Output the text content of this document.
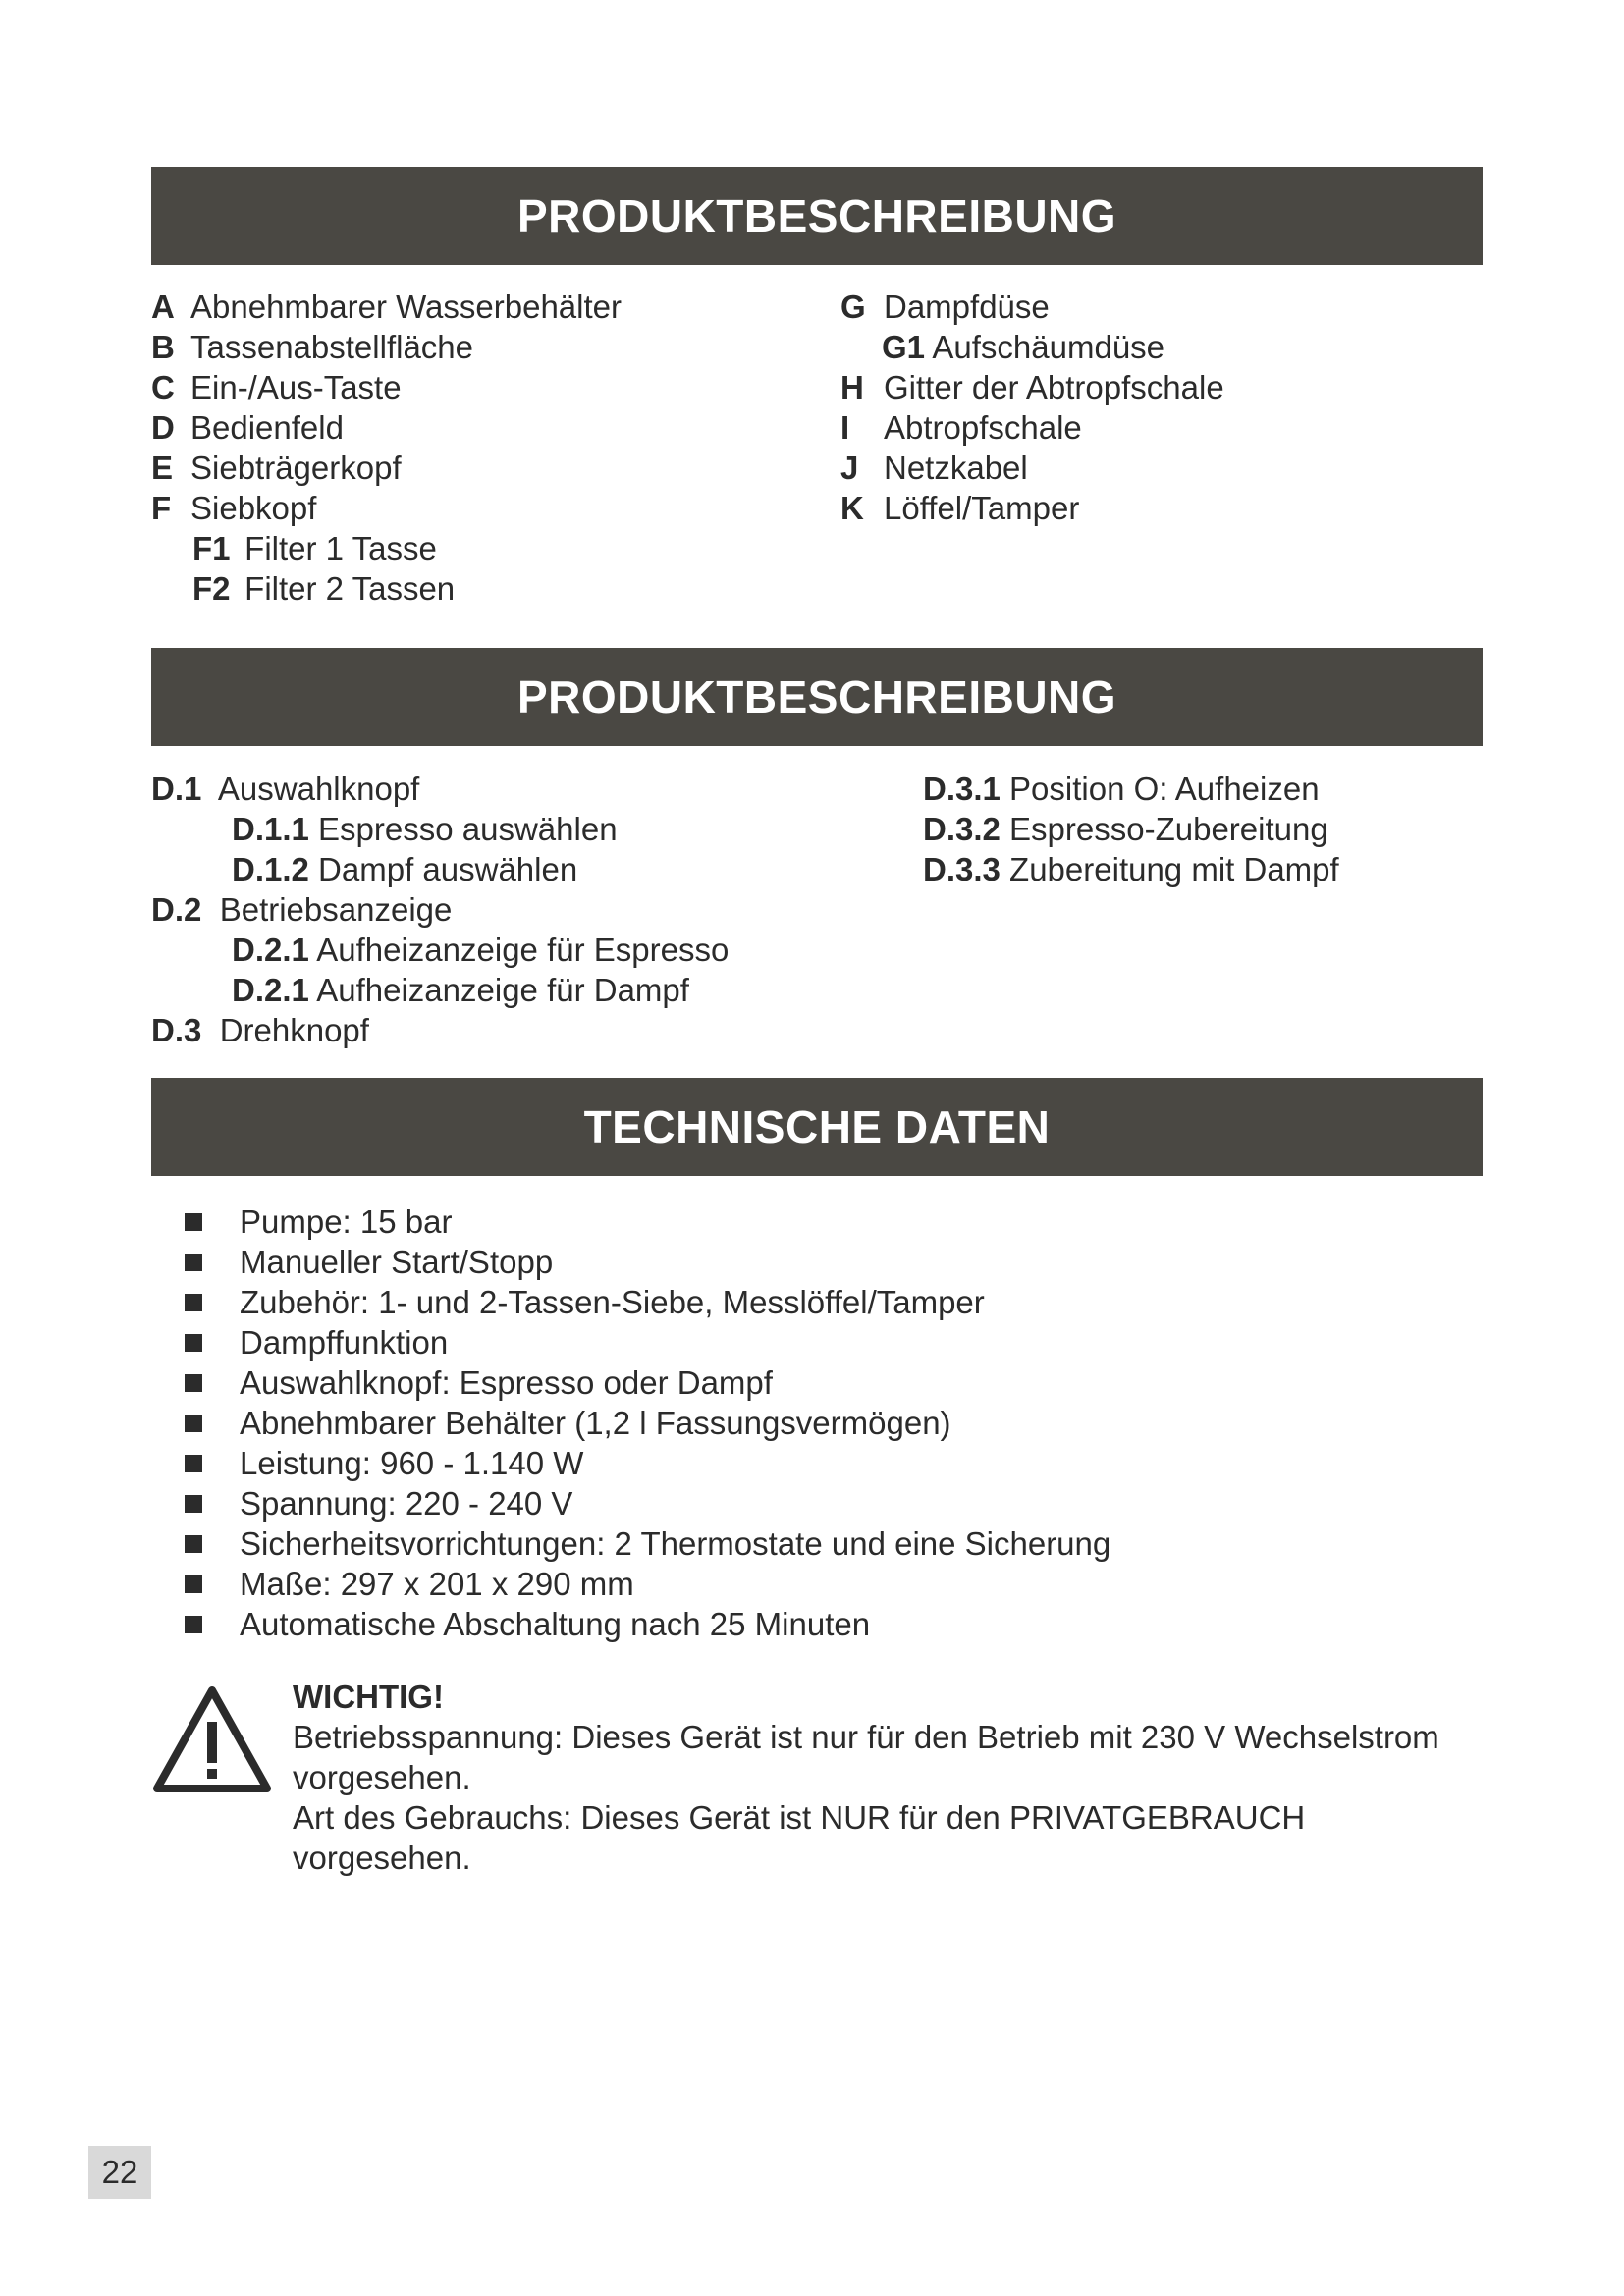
PRODUKTBESCHREIBUNG
A Abnehmbarer Wasserbehälter
B Tassenabstellfläche
C Ein-/Aus-Taste
D Bedienfeld
E Siebträgerkopf
F Siebkopf
F1 Filter 1 Tasse
F2 Filter 2 Tassen
G Dampfdüse
G1 Aufschäumdüse
H Gitter der Abtropfschale
I Abtropfschale
J Netzkabel
K Löffel/Tamper
PRODUKTBESCHREIBUNG
D.1 Auswahlknopf
D.1.1 Espresso auswählen
D.1.2 Dampf auswählen
D.2 Betriebsanzeige
D.2.1 Aufheizanzeige für Espresso
D.2.1 Aufheizanzeige für Dampf
D.3 Drehknopf
D.3.1 Position O: Aufheizen
D.3.2 Espresso-Zubereitung
D.3.3 Zubereitung mit Dampf
TECHNISCHE DATEN
Pumpe: 15 bar
Manueller Start/Stopp
Zubehör: 1- und 2-Tassen-Siebe, Messlöffel/Tamper
Dampffunktion
Auswahlknopf: Espresso oder Dampf
Abnehmbarer Behälter (1,2 l Fassungsvermögen)
Leistung: 960 - 1.140 W
Spannung: 220 - 240 V
Sicherheitsvorrichtungen: 2 Thermostate und eine Sicherung
Maße: 297 x 201 x 290 mm
Automatische Abschaltung nach 25 Minuten
WICHTIG!
Betriebsspannung: Dieses Gerät ist nur für den Betrieb mit 230 V Wechselstrom
vorgesehen.
Art des Gebrauchs: Dieses Gerät ist NUR für den PRIVATGEBRAUCH vorgesehen.
22
